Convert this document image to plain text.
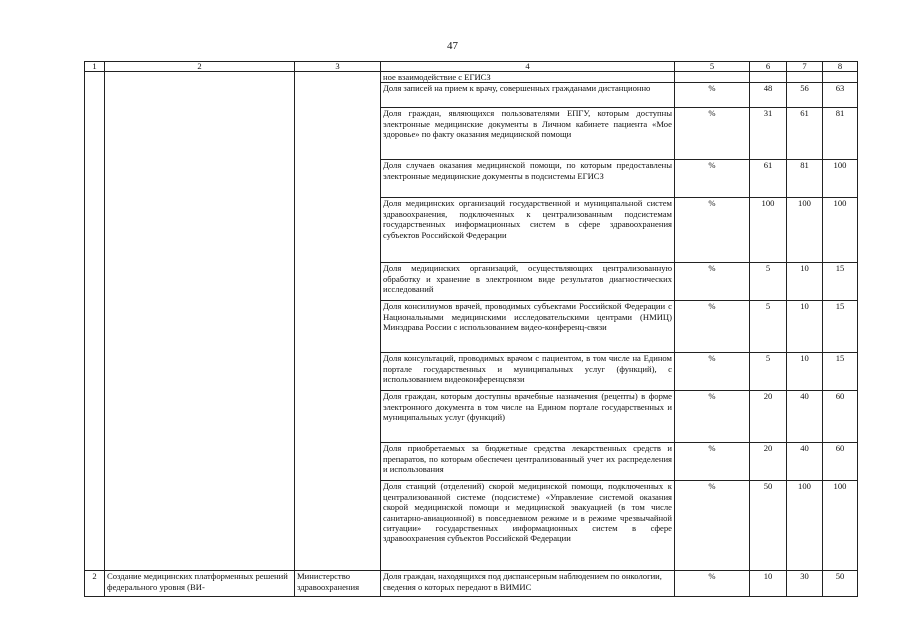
47
1	2	3	4	5	6	7	8
			ное взаимодействие с ЕГИСЗ				
			Доля записей на прием к врачу, совершенных гражданами дистанционно	%	48	56	63
			Доля граждан, являющихся пользователями ЕПГУ, которым доступны электронные медицинские документы в Личном кабинете пациента «Мое здоровье» по факту оказания медицинской помощи	%	31	61	81
			Доля случаев оказания медицинской помощи, по которым предоставлены электронные медицинские документы в подсистемы ЕГИСЗ	%	61	81	100
			Доля медицинских организаций государственной и муниципальной систем здравоохранения, подключенных к централизованным подсистемам государственных информационных систем в сфере здравоохранения субъектов Российской Федерации	%	100	100	100
			Доля медицинских организаций, осуществляющих централизованную обработку и хранение в электронном виде результатов диагностических исследований	%	5	10	15
			Доля консилиумов врачей, проводимых субъектами Российской Федерации с Национальными медицинскими исследовательскими центрами (НМИЦ) Минздрава России с использованием видео-конференц-связи	%	5	10	15
			Доля консультаций, проводимых врачом с пациентом, в том числе на Едином портале государственных и муниципальных услуг (функций), с использованием видеоконференцсвязи	%	5	10	15
			Доля граждан, которым доступны врачебные назначения (рецепты) в форме электронного документа в том числе на Едином портале государственных и муниципальных услуг (функций)	%	20	40	60
			Доля приобретаемых за бюджетные средства лекарственных средств и препаратов, по которым обеспечен централизованный учет их распределения и использования	%	20	40	60
			Доля станций (отделений) скорой медицинской помощи, подключенных к централизованной системе (подсистеме) «Управление системой оказания скорой медицинской помощи и медицинской эвакуацией (в том числе санитарно-авиационной) в повседневном режиме и в режиме чрезвычайной ситуации» государственных информационных систем в сфере здравоохранения субъектов Российской Федерации	%	50	100	100
2	Создание медицинских платформенных решений федерального уровня (ВИ-	Министерство здравоохранения	Доля граждан, находящихся под диспансерным наблюдением по онкологии, сведения о которых передают в ВИМИС	%	10	30	50
